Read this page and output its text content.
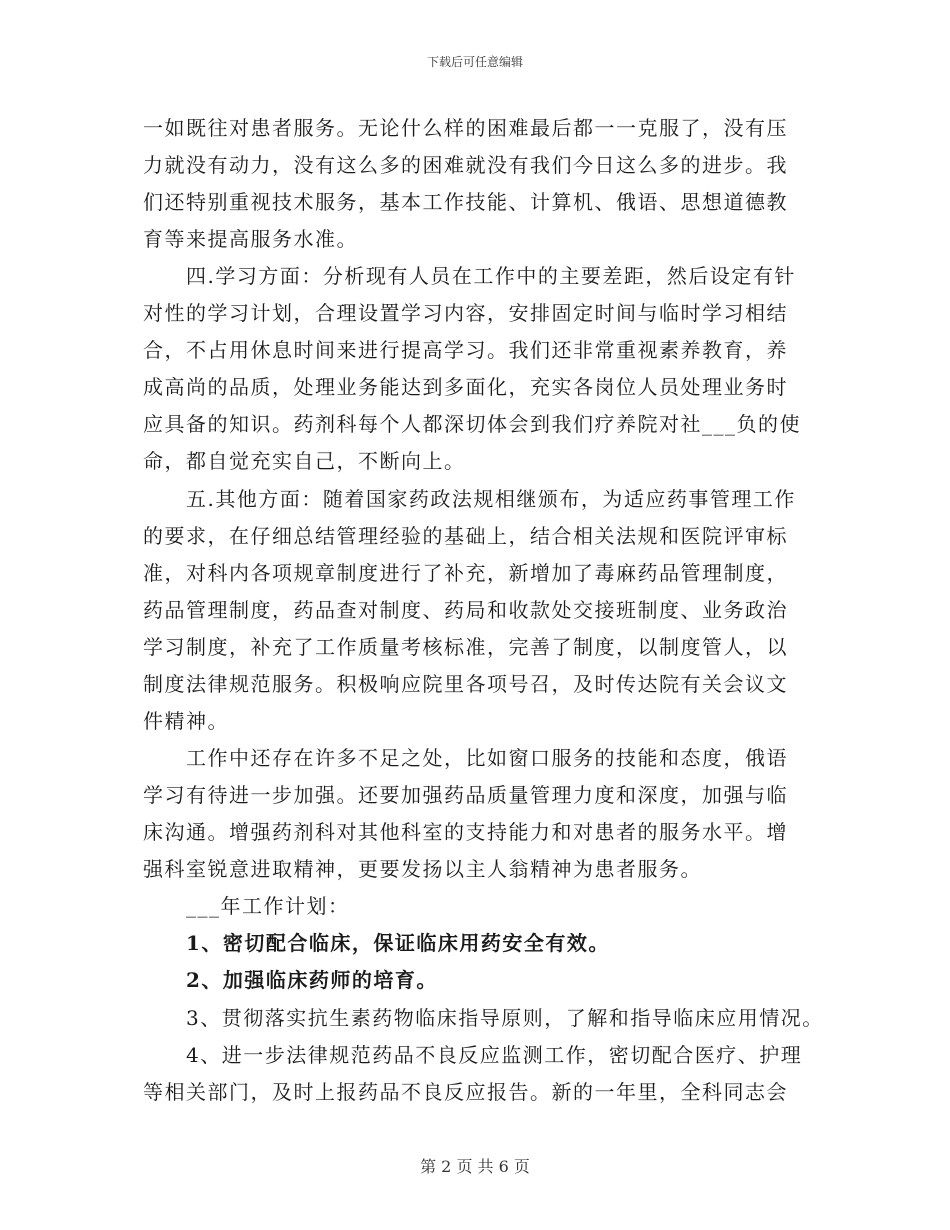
下载后可任意编辑
一如既往对患者服务。无论什么样的困难最后都一一克服了，没有压
力就没有动力，没有这么多的困难就没有我们今日这么多的进步。我
们还特别重视技术服务，基本工作技能、计算机、俄语、思想道德教
育等来提高服务水准。
四.学习方面：分析现有人员在工作中的主要差距，然后设定有针
对性的学习计划，合理设置学习内容，安排固定时间与临时学习相结
合，不占用休息时间来进行提高学习。我们还非常重视素养教育，养
成高尚的品质，处理业务能达到多面化，充实各岗位人员处理业务时
应具备的知识。药剂科每个人都深切体会到我们疗养院对社___负的使
命，都自觉充实自己，不断向上。
五.其他方面：随着国家药政法规相继颁布，为适应药事管理工作
的要求，在仔细总结管理经验的基础上，结合相关法规和医院评审标
准，对科内各项规章制度进行了补充，新增加了毒麻药品管理制度，
药品管理制度，药品查对制度、药局和收款处交接班制度、业务政治
学习制度，补充了工作质量考核标准，完善了制度，以制度管人，以
制度法律规范服务。积极响应院里各项号召，及时传达院有关会议文
件精神。
工作中还存在许多不足之处，比如窗口服务的技能和态度，俄语
学习有待进一步加强。还要加强药品质量管理力度和深度，加强与临
床沟通。增强药剂科对其他科室的支持能力和对患者的服务水平。增
强科室锐意进取精神，更要发扬以主人翁精神为患者服务。
___年工作计划：
1、密切配合临床，保证临床用药安全有效。
2、加强临床药师的培育。
3、贯彻落实抗生素药物临床指导原则，了解和指导临床应用情况。
4、进一步法律规范药品不良反应监测工作，密切配合医疗、护理
等相关部门，及时上报药品不良反应报告。新的一年里，全科同志会
第 2 页 共 6 页
